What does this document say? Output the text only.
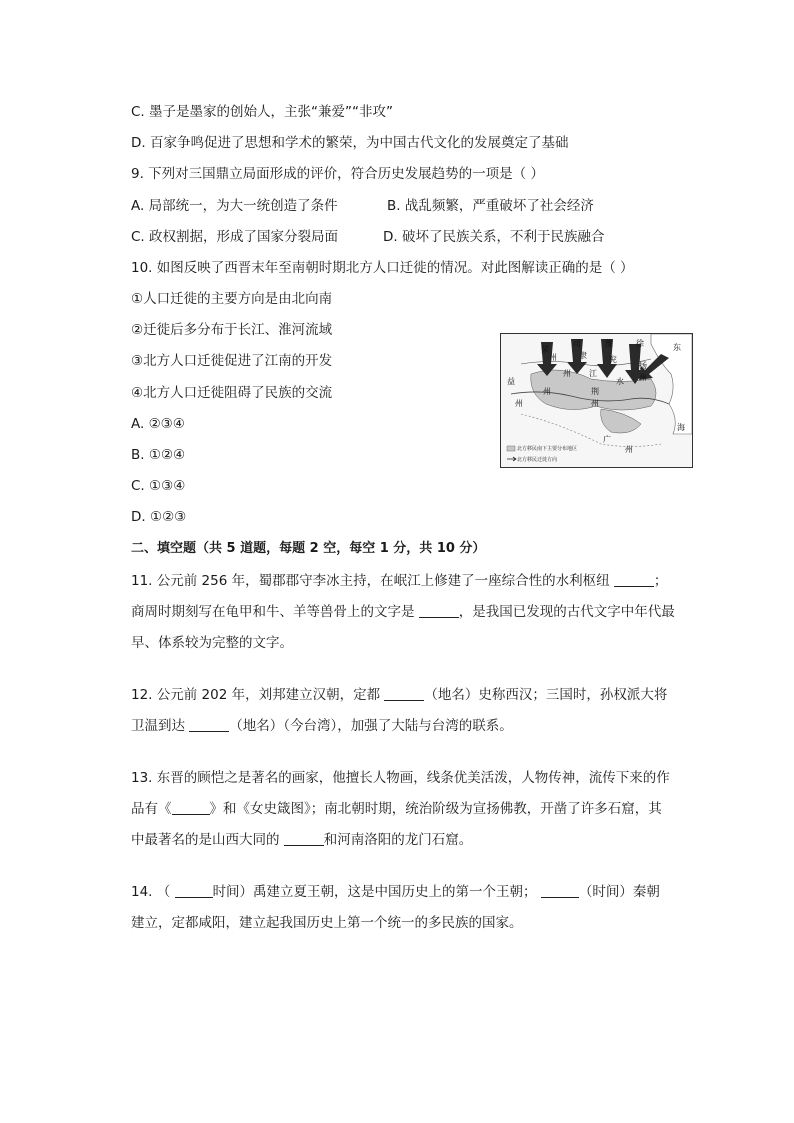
C. 墨子是墨家的创始人，主张“兼爱”“非攻”
D. 百家争鸣促进了思想和学术的繁荣，为中国古代文化的发展奠定了基础
9. 下列对三国鼎立局面形成的评价，符合历史发展趋势的一项是（ ）
A. 局部统一，为大一统创造了条件	B. 战乱频繁，严重破坏了社会经济
C. 政权割据，形成了国家分裂局面	D. 破坏了民族关系，不利于民族融合
10. 如图反映了西晋末年至南朝时期北方人口迁徙的情况。对此图解读正确的是（ ）
①人口迁徙的主要方向是由北向南
②迁徙后多分布于长江、淮河流域
③北方人口迁徙促进了江南的开发
④北方人口迁徙阻碍了民族的交流
A. ②③④
B. ①②④
C. ①③④
D. ①②③
二、填空题（共 5 道题，每题 2 空，每空 1 分，共 10 分）
11. 公元前 256 年，蜀郡郡守李冰主持，在岷江上修建了一座综合性的水利枢纽	；
商周时期刻写在龟甲和牛、羊等兽骨上的文字是	，是我国已发现的古代文字中年代最
早、体系较为完整的文字。
12. 公元前 202 年，刘邦建立汉朝，定都	（地名）史称西汉；三国时，孙权派大将
卫温到达	（地名）（今台湾），加强了大陆与台湾的联系。
13. 东晋的顾恺之是著名的画家，他擅长人物画，线条优美活泼，人物传神，流传下来的作
品有《	》和《女史箴图》；南北朝时期，统治阶级为宣扬佛教，开凿了许多石窟，其
中最著名的是山西大同的	和河南洛阳的龙门石窟。
14. （	时间）禹建立夏王朝，这是中国历史上的第一个王朝；	（时间）秦朝
建立，定都咸阳，建立起我国历史上第一个统一的多民族的国家。
荣
司	豫	徐	东
益
州	隶	兖
扬
州
州 江
水
荆
州
州
广
州
海
州
北方移民南下主要分布地区
北方移民迁徙方向
